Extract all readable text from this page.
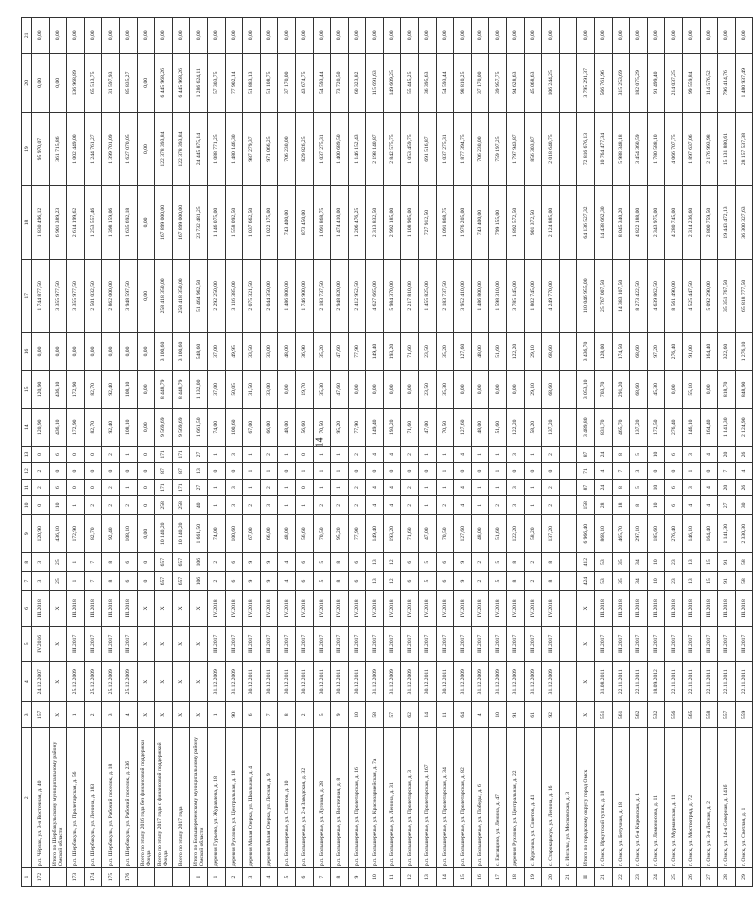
14
1	2	3	4	5	6	7	8	9	10	11	12	13	14	15	16	17	18	19	20	21
172	р.п. Чёрлак, ул. 3-я Восточная, д. 40	157	24.12.2007	IV.2016	III.2018	3	3	120,90	0	2	2	0	120,90	120,90	0,00	1 744 877,50	1 830 496,12	95 970,07	0,00	0,00
	Итого по Шербакульскому муниципальному району Омской области	X	X	X	X	25	25	436,10	10	6	0	6	436,10	436,10	0,00	3 355 977,50	6 901 389,23	361 715,86	0,00	0,00
173	р.п. Шербакуль, ул. Пролетарская, д. 56	1	25.12.2009	III.2017	III.2018	1	1	172,90	1	0	0	0	172,90	172,90	0,00	3 355 977,50	2 614 199,62	1 002 449,00	136 968,89	0,00
174	р.п. Шербакуль, ул. Ленина, д. 183	2	25.12.2009	III.2017	III.2018	7	7	82,70	2	0	0	0	82,70	82,70	0,00	2 501 032,50	1 253 557,46	1 244 761,27	65 513,75	0,00
175	р.п. Шербакуль, ул. Рабочий поселок, д. 18	3	25.12.2009	III.2017	III.2018	8	8	92,40	2	2	0	2	92,40	92,40	0,00	2 862 000,00	1 398 159,06	1 399 701,09	31 597,93	0,00
176	р.п. Шербакуль, ул. Рабочий поселок, д. 23б	4	25.12.2009	III.2017	III.2018	6	6	108,10	2	1	0	1	108,10	108,10	0,00	3 948 597,50	1 635 692,18	1 627 070,05	85 835,27	0,00
	Всего по этапу 2016 года без финансовой поддержки Фонда	X	X	X	X	0	0	0,00	0	0	0	0	0,00	0,00	0,00	0,00	0,00	0,00	0,00	0,00
	Всего по этапу 2017 года с финансовой поддержкой Фонда	X	X	X	X	657	657	10 140,20	258	171	87	171	9 569,69	8 448,79	3 100,60	258 418 350,00	167 899 000,00	122 378 393,84	6 445 968,26	0,00
	Всего по этапу 2017 года	X	X	X	X	657	657	10 140,20	258	171	87	171	9 569,69	8 448,79	3 100,60	258 418 350,00	167 899 000,00	122 378 393,84	6 445 968,26	0,00
I	Итого по Большереченскому муниципальному району Омской области	X	X	X	X	106	106	1 661,50	40	27	13	27	1 661,50	1 132,00	548,60	51 464 962,50	23 732 481,25	24 445 875,14	1 286 624,11	0,00
1	деревня Гурьево, ул. Журавлева, д. 18	1	31.12.2009	III.2017	IV.2018	2	2	74,00	1	1	0	1	74,00	37,00	37,00	2 292 250,00	1 146 075,00	1 088 771,25	57 303,75	0,00
2	деревня Рухлово, ул. Центральная, д. 18	90	31.12.2009	III.2017	IV.2018	6	6	100,60	3	3	0	3	100,60	50,05	49,95	3 116 385,00	1 558 092,50	1 480 146,30	77 902,14	0,00
3	деревня Малая Озерка, ул. Школьная, д. 4	6	30.12.2011	III.2017	IV.2018	9	9	67,00	2	1	1	1	67,00	31,50	33,50	2 075 321,50	1 037 662,50	987 279,37	51 883,13	0,00
4	деревня Малая Озерка, ул. Лесная, д. 9	7	30.12.2011	III.2017	IV.2018	9	9	66,00	3	2	1	2	66,00	33,00	33,00	2 044 350,00	1 022 175,00	971 066,25	51 108,75	0,00
5	р.п. Большеречье, ул. Советов, д. 10	8	30.12.2011	III.2017	IV.2018	4	4	48,00	1	1	0	1	48,00	0,00	48,00	1 486 800,00	743 400,00	706 230,00	37 170,00	0,00
6	р.п. Большеречье, ул. 2-я Заводская, д. 32	2	30.12.2011	III.2017	IV.2018	6	6	56,60	1	0	1	0	56,60	19,70	36,90	1 746 900,00	873 450,00	829 826,25	43 674,75	0,00
7	р.п. Большеречье, ул. Луговая, д. 28	5	30.12.2011	III.2017	IV.2018	5	5	70,50	2	1	1	1	70,50	35,30	35,20	2 183 737,50	1 091 868,75	1 037 275,31	54 593,44	0,00
8	р.п. Большеречье, ул. Восточная, д. 8	9	30.12.2011	III.2017	IV.2018	8	8	95,20	2	1	1	1	95,20	47,60	47,60	2 948 820,00	1 474 410,00	1 400 689,50	73 720,50	0,00
9	р.п. Большеречье, ул. Пролетарская, д. 16	10	30.12.2011	III.2017	IV.2018	6	6	77,90	2	2	0	2	77,90	0,00	77,90	2 412 952,50	1 206 476,25	1 146 152,43	60 323,82	0,00
10	р.п. Большеречье, ул. Красноармейская, д. 7а	58	31.12.2009	III.2017	IV.2018	13	13	149,40	4	4	0	4	149,40	0,00	149,40	4 627 665,00	2 313 832,50	2 198 140,87	115 691,63	0,00
11	р.п. Большеречье, ул. Ленина, д. 31	57	31.12.2009	III.2017	IV.2018	12	12	193,20	4	4	0	4	193,20	0,00	193,20	5 984 370,00	2 992 185,00	2 842 575,75	149 609,25	0,00
12	р.п. Большеречье, ул. Пролетарская, д. 3	62	31.12.2009	III.2017	IV.2018	6	6	71,60	2	2	0	2	71,60	0,00	71,60	2 217 810,00	1 108 905,00	1 053 459,75	55 445,25	0,00
13	р.п. Большеречье, ул. Пролетарская, д. 167	14	30.12.2011	III.2017	IV.2018	5	5	47,00	1	1	0	1	47,00	23,50	23,50	1 455 825,00	727 912,50	691 516,87	36 395,63	0,00
14	р.п. Большеречье, ул. Пролетарская, д. 34	11	30.12.2011	III.2017	IV.2018	6	6	70,50	2	1	1	1	70,50	35,30	35,20	2 183 737,50	1 091 868,75	1 037 275,31	54 593,44	0,00
15	р.п. Большеречье, ул. Пролетарская, д. 82	64	31.12.2009	III.2017	IV.2018	9	9	127,60	4	4	0	4	127,60	0,00	127,60	3 952 410,00	1 976 205,00	1 877 394,75	98 810,25	0,00
16	р.п. Большеречье, ул. Победы, д. 6	4	31.12.2009	III.2017	IV.2018	2	2	48,00	1	1	0	1	48,00	0,00	48,00	1 486 800,00	743 400,00	706 230,00	37 170,00	0,00
17	с. Евгащино, ул. Ленина, д. 47	10	31.12.2009	III.2017	IV.2018	5	5	51,60	2	1	1	1	51,60	0,00	51,60	1 598 310,00	799 155,00	759 197,25	39 957,75	0,00
18	деревня Рухлово, ул. Центральная, д. 22	91	31.12.2009	III.2017	IV.2018	8	8	122,20	3	3	0	3	122,20	0,00	122,20	3 785 145,00	1 892 572,50	1 797 943,87	94 628,63	0,00
19	с. Курганка, ул. Советов, д. 41	61	31.12.2009	III.2017	IV.2018	2	2	58,20	1	1	0	1	58,20	29,10	29,10	1 802 745,00	901 372,50	856 303,87	45 068,63	0,00
20	с. Старокарасук, ул. Ленина, д. 16	92	31.12.2009	III.2017	IV.2018	8	8	137,20	2	2	0	2	137,20	68,60	68,60	4 249 770,00	2 124 885,00	2 018 640,75	106 244,25	0,00
21	с. Ингалы, ул. Московская, д. 3																			
II	Итого по городскому округу город Омск	X	X	X	X	424	412	6 966,40	158	87	71	87	3 489,80	3 053,10	3 436,70	110 046 955,00	64 136 527,32	72 816 676,13	3 795 291,37	0,00
21	г. Омск, Иркутский тупик, д. 18	551	31.08.2011	III.2017	III.2018	53	53	868,10	28	24	4	24	831,70	703,70	128,00	25 767 007,50	14 438 662,30	10 764 477,34	566 761,96	0,00
22	г. Омск, ул. Бетучная, д. 18	561	22.11.2011	III.2017	III.2018	35	35	465,70	18	8	7	8	465,70	291,20	174,50	14 383 107,50	8 045 340,20	5 988 348,18	315 253,69	0,00
23	г. Омск, ул. 6-я Кировская, д. 1	562	22.11.2011	III.2017	III.2018	34	34	297,10	8	5	3	5	137,20	68,60	68,60	8 273 422,50	4 822 188,00	3 454 360,59	182 075,29	0,00
24	г. Омск, ул. Ломоносова, д. 11	532	18.09.2012	III.2017	III.2018	10	10	185,60	10	10	0	10	172,50	45,30	97,20	4 639 862,50	2 343 975,00	1 780 588,10	91 499,40	0,00
25	г. Омск, ул. Мурманская, д. 11	556	22.11.2011	III.2017	III.2018	23	23	276,40	6	6	0	6	276,40	0,00	276,40	8 561 490,00	4 280 745,00	4 066 707,75	214 037,25	0,00
26	г. Омск, ул. Мостоотряд, д. 72	565	22.11.2011	III.2017	III.2018	13	13	146,10	4	3	1	3	146,10	55,10	91,00	4 525 447,50	2 314 236,60	1 897 637,06	99 559,84	0,00
27	г. Омск, ул. 3-я Лесная, д. 2	558	22.11.2011	III.2017	III.2018	15	15	164,40	4	4	0	4	164,40	0,00	164,40	5 092 290,00	2 800 759,50	2 176 993,98	114 576,52	0,00
28	г. Омск, ул. 14-я Северная, д. 141б	557	22.11.2011	III.2017	III.2018	91	91	1 141,30	27	20	7	20	1 141,30	818,70	322,60	35 351 767,50	19 443 472,13	15 131 880,61	796 414,76	0,00
29	г. Омск, ул. Светлая, д. 1	559	22.11.2011	III.2017	III.2018	58	58	2 330,30	30	26	4	26	2 124,90	848,90	1 276,10	65 818 777,50	36 300 327,63	28 157 537,38	1 480 937,49	0,00
